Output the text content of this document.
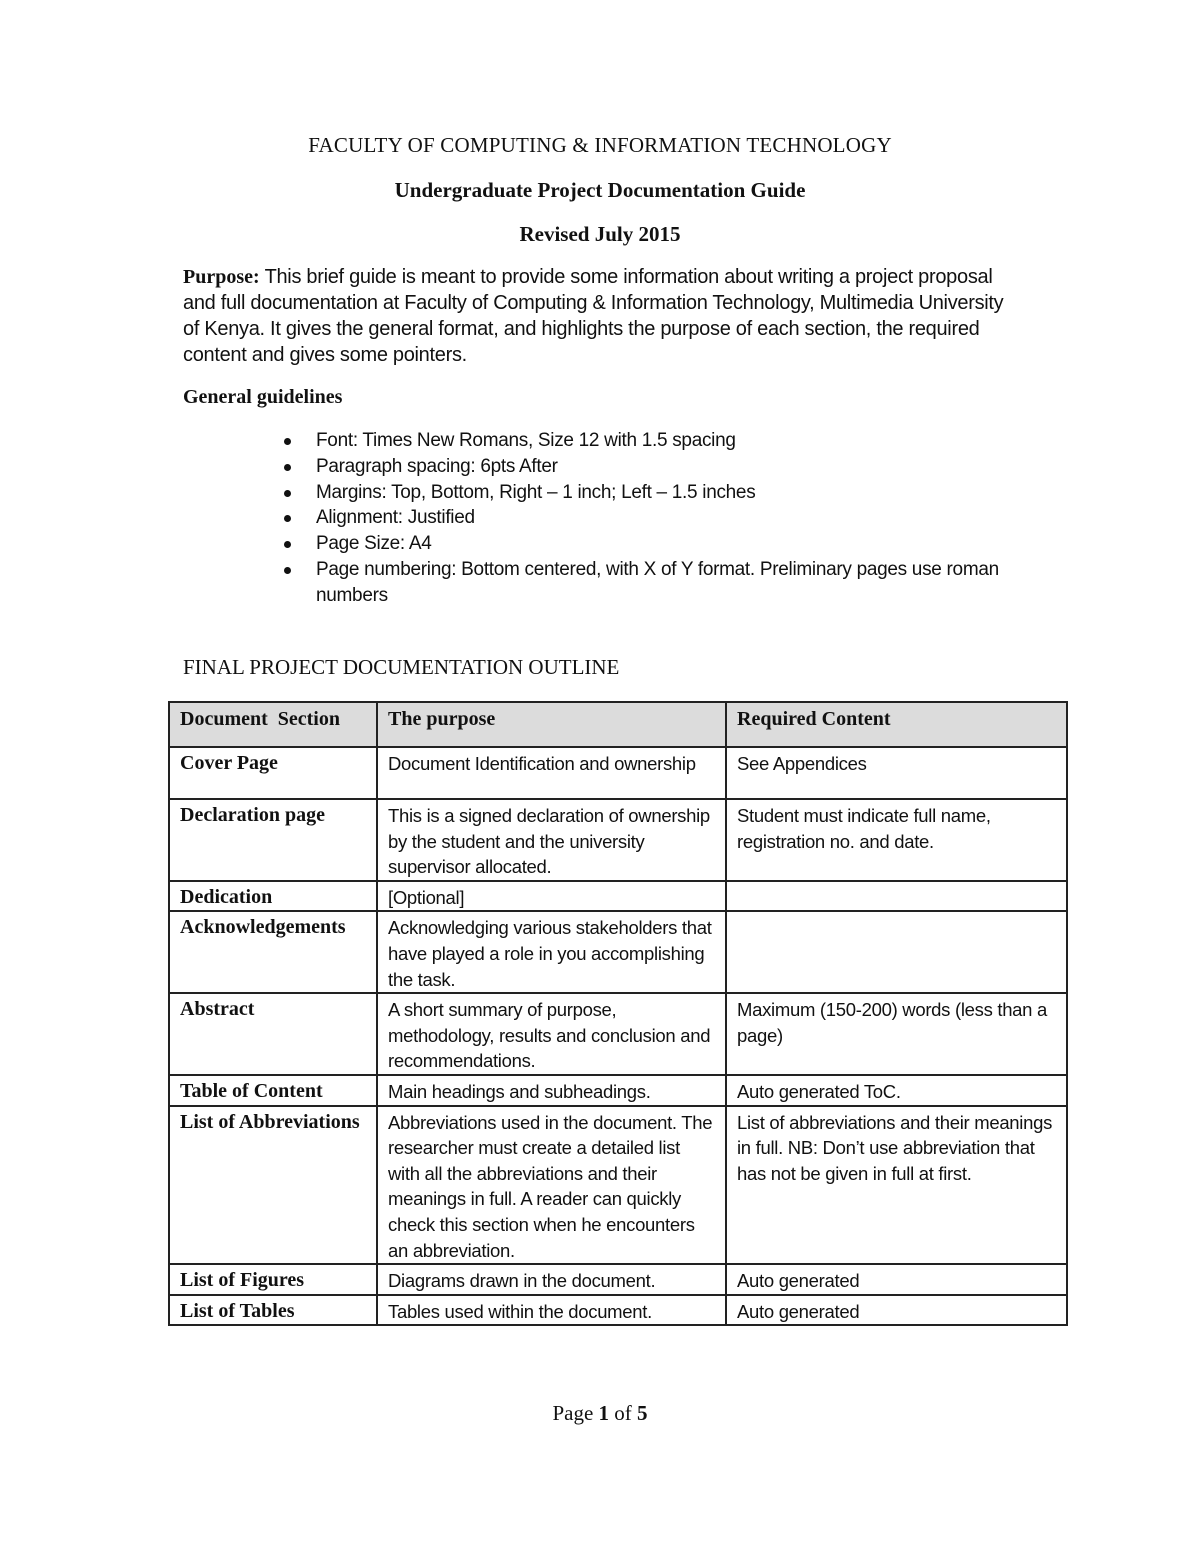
FACULTY OF COMPUTING & INFORMATION TECHNOLOGY
Undergraduate Project Documentation Guide
Revised July 2015
Purpose: This brief guide is meant to provide some information about writing a project proposal and full documentation at Faculty of Computing & Information Technology, Multimedia University of Kenya. It gives the general format, and highlights the purpose of each section, the required content and gives some pointers.
General guidelines
Font: Times New Romans, Size 12 with 1.5 spacing
Paragraph spacing: 6pts After
Margins: Top, Bottom, Right – 1 inch; Left – 1.5 inches
Alignment: Justified
Page Size: A4
Page numbering: Bottom centered, with X of Y format. Preliminary pages use roman numbers
FINAL PROJECT DOCUMENTATION OUTLINE
Document  Section	The purpose	Required Content
Cover Page	Document Identification and ownership	See Appendices
Declaration page	This is a signed declaration of ownership by the student and the university supervisor allocated.	Student must indicate full name, registration no. and date.
Dedication	[Optional]	
Acknowledgements	Acknowledging various stakeholders that have played a role in you accomplishing the task.	
Abstract	A short summary of purpose, methodology, results and conclusion and recommendations.	Maximum (150-200) words (less than a page)
Table of Content	Main headings and subheadings.	Auto generated ToC.
List of Abbreviations	Abbreviations used in the document. The researcher must create a detailed list with all the abbreviations and their meanings in full. A reader can quickly check this section when he encounters an abbreviation.	List of abbreviations and their meanings in full. NB: Don’t use abbreviation that has not be given in full at first.
List of Figures	Diagrams drawn in the document.	Auto generated
List of Tables	Tables used within the document.	Auto generated
Page 1 of 5
